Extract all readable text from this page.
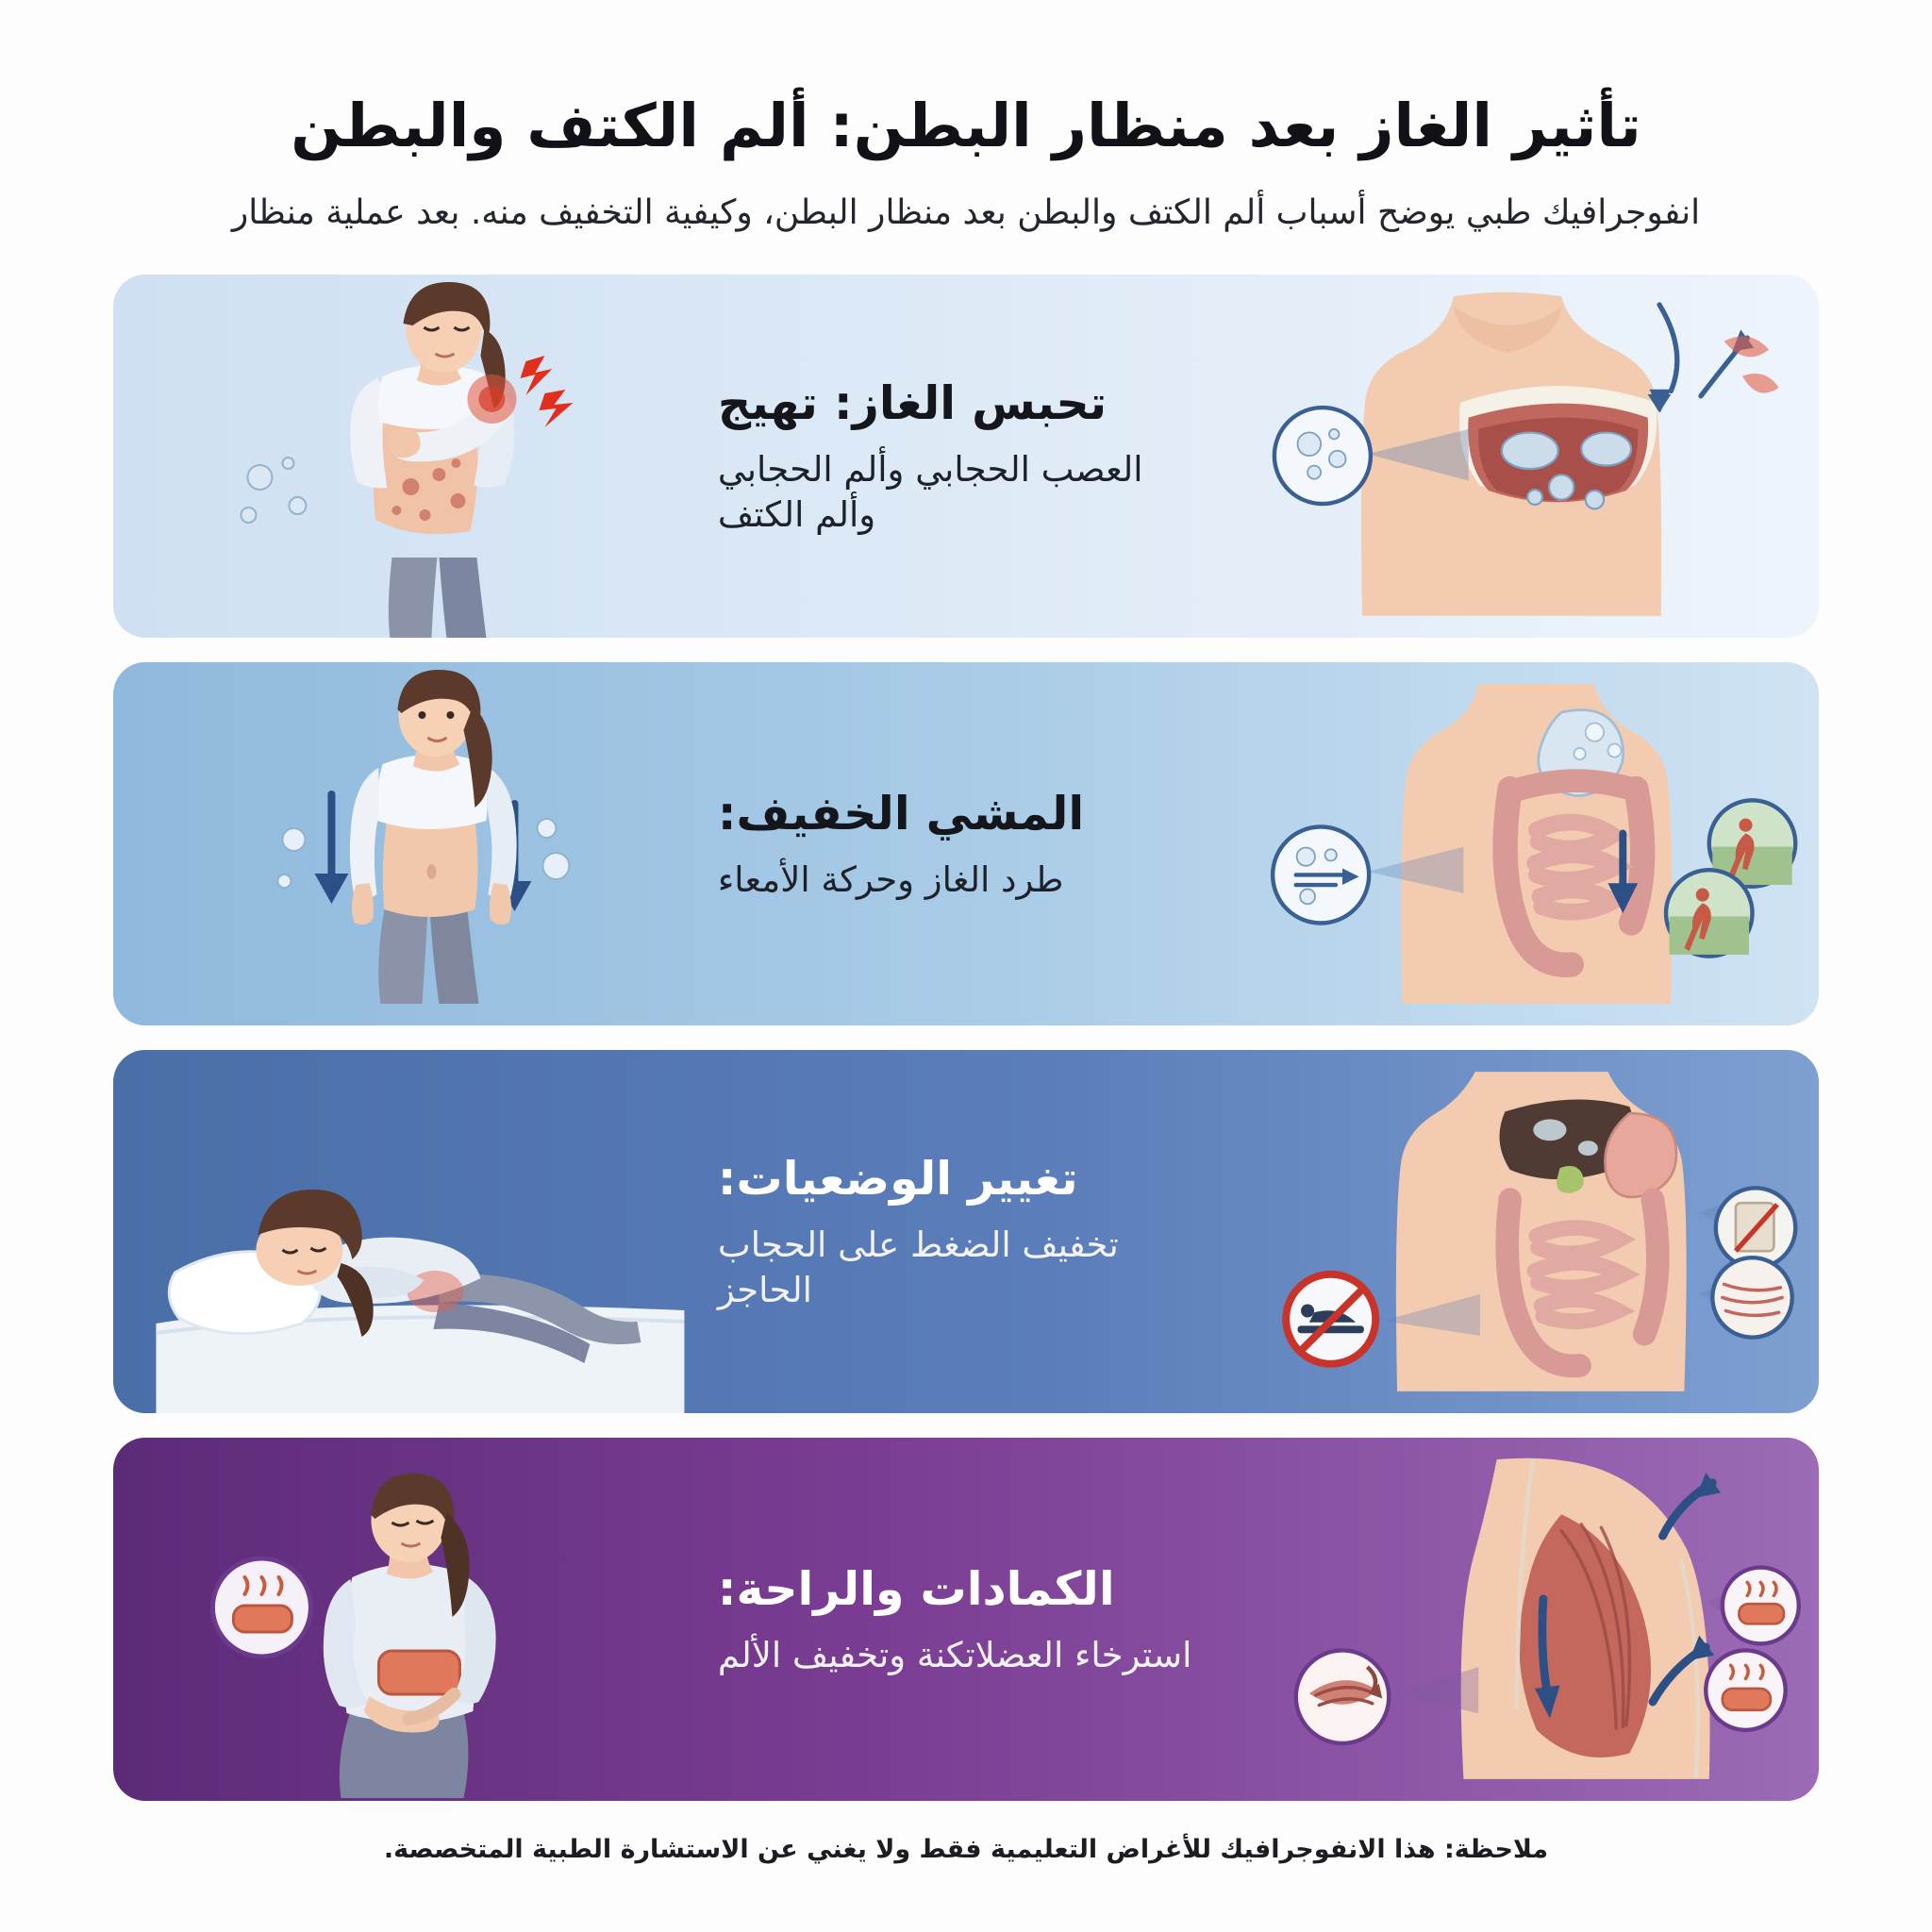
تأثير الغاز بعد منظار البطن: ألم الكتف والبطن
انفوجرافيك طبي يوضح أسباب ألم الكتف والبطن بعد منظار البطن، وكيفية التخفيف منه. بعد عملية منظار
تحبس الغاز: تهيج
العصب الحجابي وألم الحجابي وألم الكتف
المشي الخفيف:
طرد الغاز وحركة الأمعاء
تغيير الوضعيات:
تخفيف الضغط على الحجاب الحاجز
الكمادات والراحة:
استرخاء العضلاتكنة وتخفيف الألم
ملاحظة: هذا الانفوجرافيك للأغراض التعليمية فقط ولا يغني عن الاستشارة الطبية المتخصصة.
